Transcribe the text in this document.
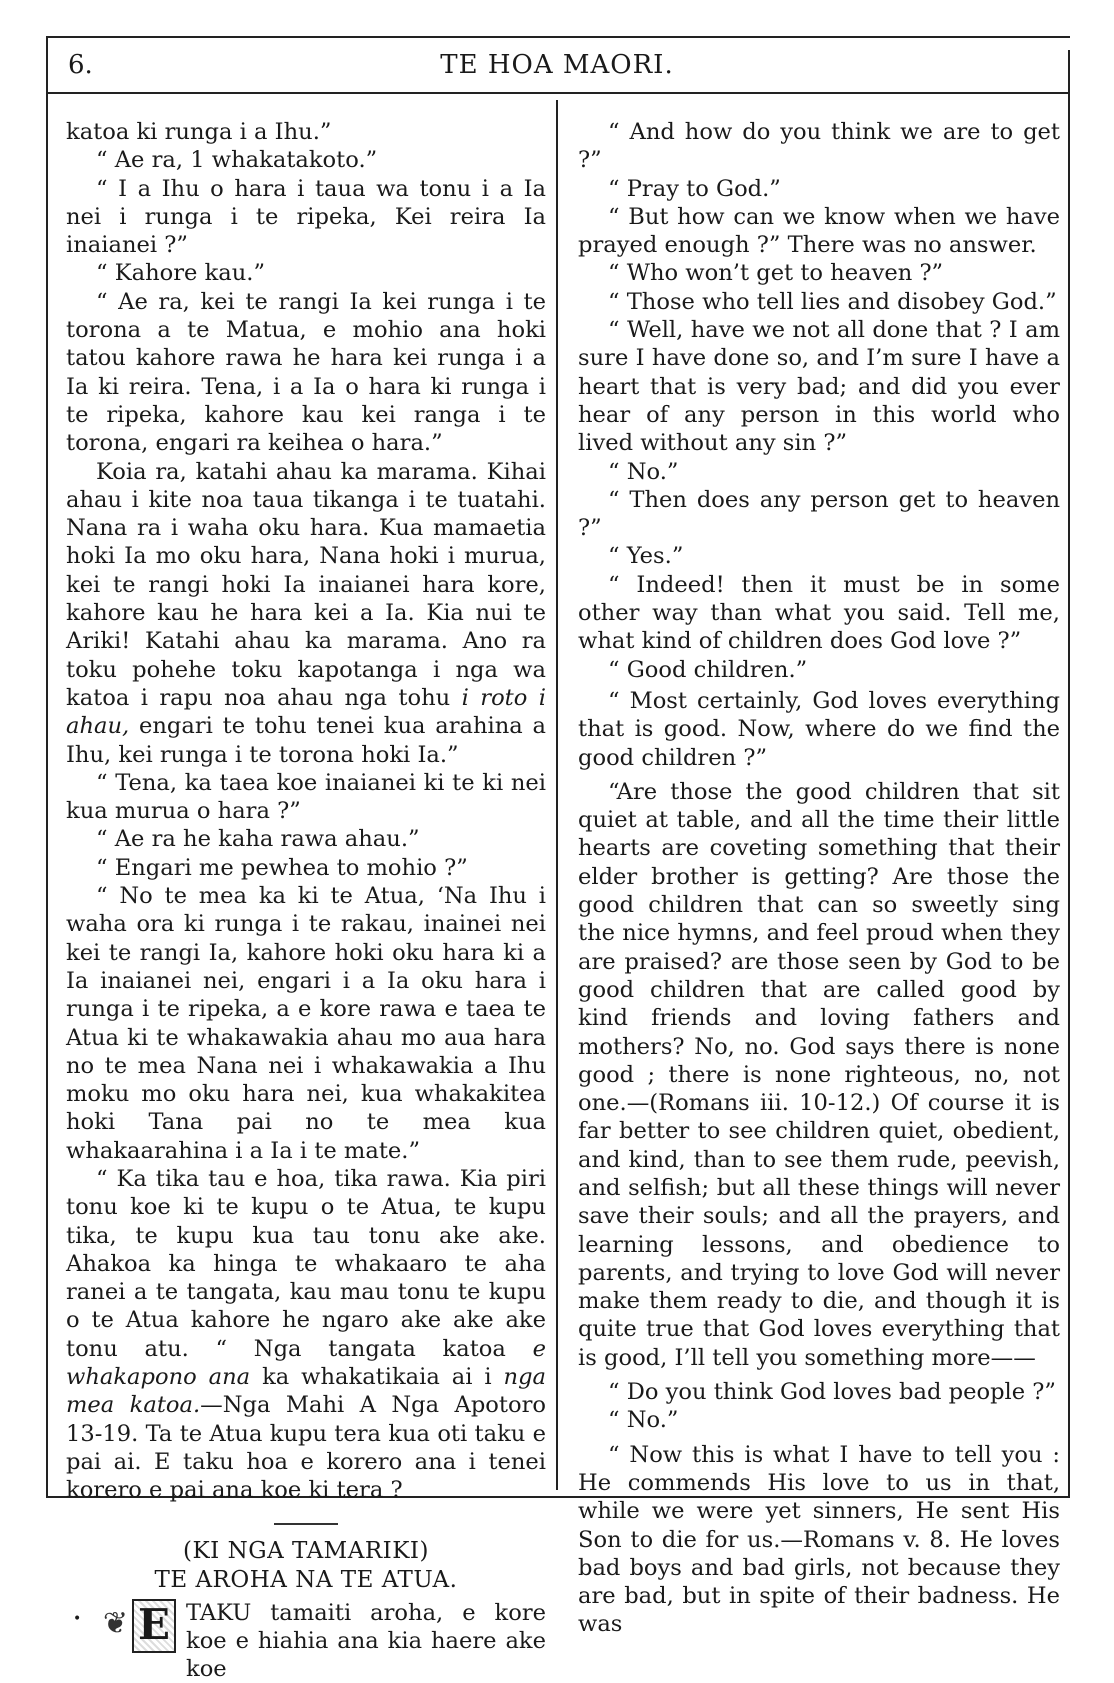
6.	TE HOA MAORI.

katoa ki runga i a Ihu.”

“ Ae ra, 1 whakatakoto.”

“ I a Ihu o hara i taua wa tonu i a Ia nei i runga i te ripeka, Kei reira Ia inaianei ?”

“ Kahore kau.”

“ Ae ra, kei te rangi Ia kei runga i te torona a te Matua, e mohio ana hoki tatou kahore rawa he hara kei runga i a Ia ki reira. Tena, i a Ia o hara ki runga i te ripeka, kahore kau kei ranga i te torona, engari ra keihea o hara.”

Koia ra, katahi ahau ka marama. Kihai ahau i kite noa taua tikanga i te tuatahi. Nana ra i waha oku hara. Kua mamaetia hoki Ia mo oku hara, Nana hoki i murua, kei te rangi hoki Ia inaianei hara kore, kahore kau he hara kei a Ia. Kia nui te Ariki! Katahi ahau ka marama. Ano ra toku pohehe toku kapotanga i nga wa katoa i rapu noa ahau nga tohu i roto i ahau, engari te tohu tenei kua arahina a Ihu, kei runga i te torona hoki Ia.”

“ Tena, ka taea koe inaianei ki te ki nei kua murua o hara ?”

“ Ae ra he kaha rawa ahau.”

“ Engari me pewhea to mohio ?”

“ No te mea ka ki te Atua, ‘Na Ihu i waha ora ki runga i te rakau, inainei nei kei te rangi Ia, kahore hoki oku hara ki a Ia inaianei nei, engari i a Ia oku hara i runga i te ripeka, a e kore rawa e taea te Atua ki te whakawakia ahau mo aua hara no te mea Nana nei i whakawakia a Ihu moku mo oku hara nei, kua whakakitea hoki Tana pai no te mea kua whakaarahina i a Ia i te mate.”

“ Ka tika tau e hoa, tika rawa. Kia piri tonu koe ki te kupu o te Atua, te kupu tika, te kupu kua tau tonu ake ake. Ahakoa ka hinga te whakaaro te aha ranei a te tangata, kau mau tonu te kupu o te Atua kahore he ngaro ake ake ake tonu atu. “ Nga tangata katoa e whakapono ana ka whakatikaia ai i nga mea katoa.—Nga Mahi A Nga Apotoro 13-19. Ta te Atua kupu tera kua oti taku e pai ai. E taku hoa e korero ana i tenei korero e pai ana koe ki tera ?

(KI NGA TAMARIKI)
TE AROHA NA TE ATUA.
❦ E TAKU tamaiti aroha, e kore koe e hiahia ana kia haere ake koe

“ And how do you think we are to get ?”

“ Pray to God.”

“ But how can we know when we have prayed enough ?” There was no answer.

“ Who won’t get to heaven ?”

“ Those who tell lies and disobey God.”

“ Well, have we not all done that ? I am sure I have done so, and I’m sure I have a heart that is very bad; and did you ever hear of any person in this world who lived without any sin ?”

“ No.”

“ Then does any person get to heaven ?”

“ Yes.”

“ Indeed! then it must be in some other way than what you said. Tell me, what kind of children does God love ?”

“ Good children.”

“ Most certainly, God loves everything that is good. Now, where do we find the good children ?”

“Are those the good children that sit quiet at table, and all the time their little hearts are coveting something that their elder brother is getting? Are those the good children that can so sweetly sing the nice hymns, and feel proud when they are praised? are those seen by God to be good children that are called good by kind friends and loving fathers and mothers? No, no. God says there is none good ; there is none righteous, no, not one.—(Romans iii. 10-12.) Of course it is far better to see children quiet, obedient, and kind, than to see them rude, peevish, and selfish; but all these things will never save their souls; and all the prayers, and learning lessons, and obedience to parents, and trying to love God will never make them ready to die, and though it is quite true that God loves everything that is good, I’ll tell you something more——

“ Do you think God loves bad people ?”

“ No.”

“ Now this is what I have to tell you : He commends His love to us in that, while we were yet sinners, He sent His Son to die for us.—Romans v. 8. He loves bad boys and bad girls, not because they are bad, but in spite of their badness. He was

•
